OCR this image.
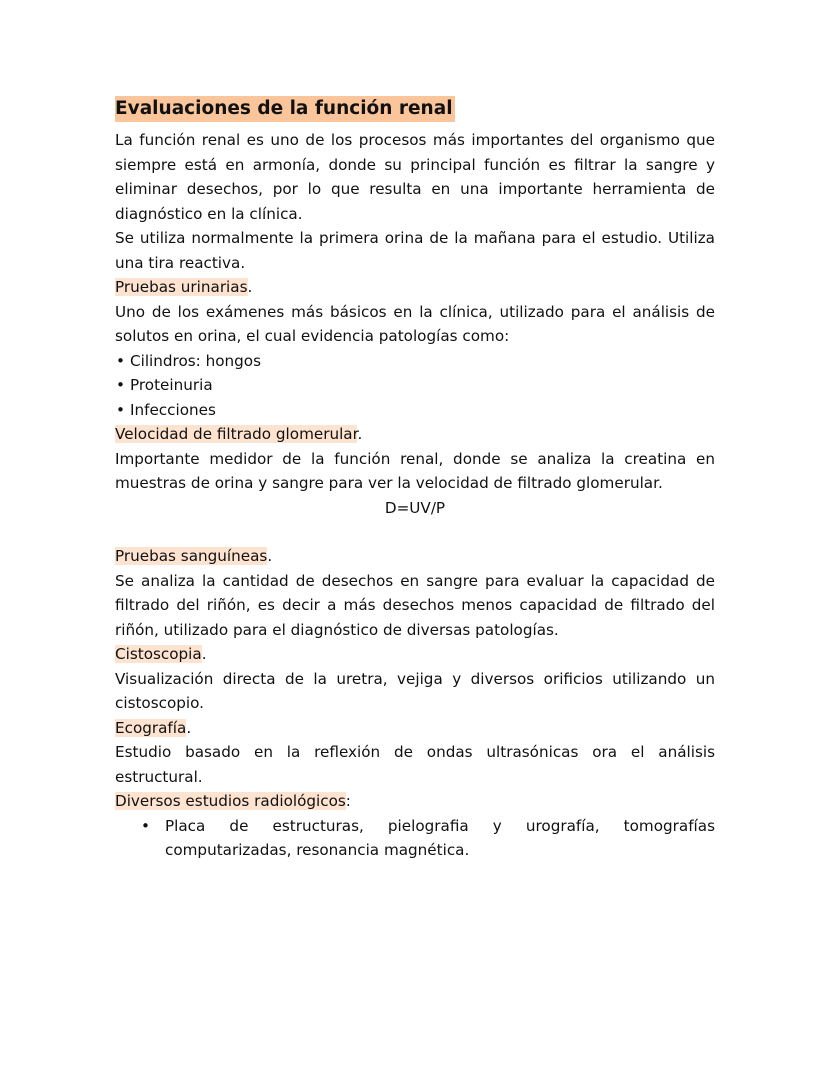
Evaluaciones de la función renal

La función renal es uno de los procesos más importantes del organismo que

siempre está en armonía, donde su principal función es filtrar la sangre y eliminar desechos, por lo que resulta en una importante herramienta de diagnóstico en la clínica.

Se utiliza normalmente la primera orina de la mañana para el estudio. Utiliza una tira reactiva.

Pruebas urinarias.

Uno de los exámenes más básicos en la clínica, utilizado para el análisis de solutos en orina, el cual evidencia patologías como:

• Cilindros: hongos
• Proteinuria
• Infecciones

Velocidad de filtrado glomerular.

Importante medidor de la función renal, donde se analiza la creatina en muestras de orina y sangre para ver la velocidad de filtrado glomerular.

D=UV/P

Pruebas sanguíneas.

Se analiza la cantidad de desechos en sangre para evaluar la capacidad de filtrado del riñón, es decir a más desechos menos capacidad de filtrado del riñón, utilizado para el diagnóstico de diversas patologías.

Cistoscopia.

Visualización directa de la uretra, vejiga y diversos orificios utilizando un cistoscopio.

Ecografía.

Estudio basado en la reflexión de ondas ultrasónicas ora el análisis estructural.

Diversos estudios radiológicos:

• Placa de estructuras, pielografia y urografía, tomografías computarizadas, resonancia magnética.
